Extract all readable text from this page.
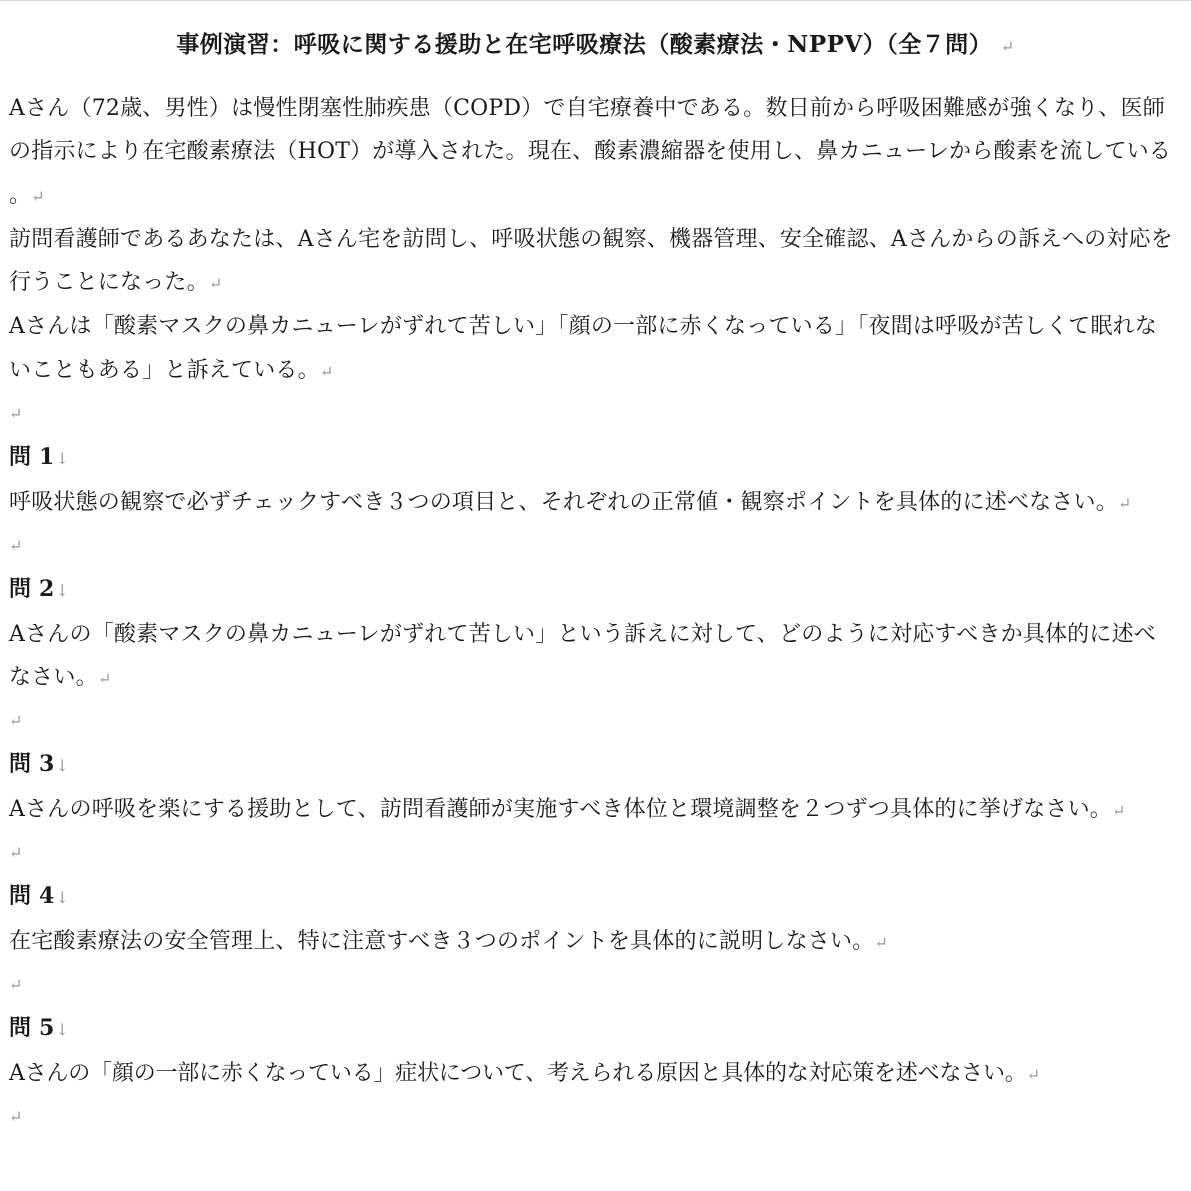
事例演習：呼吸に関する援助と在宅呼吸療法（酸素療法・NPPV）（全７問） ↵

Aさん（72歳、男性）は慢性閉塞性肺疾患（COPD）で自宅療養中である。数日前から呼吸困難感が強くなり、医師の指示により在宅酸素療法（HOT）が導入された。現在、酸素濃縮器を使用し、鼻カニューレから酸素を流している。↵

訪問看護師であるあなたは、Aさん宅を訪問し、呼吸状態の観察、機器管理、安全確認、Aさんからの訴えへの対応を行うことになった。↵

Aさんは「酸素マスクの鼻カニューレがずれて苦しい」「顔の一部に赤くなっている」「夜間は呼吸が苦しくて眠れないこともある」と訴えている。↵

↵
問 1↓

呼吸状態の観察で必ずチェックすべき３つの項目と、それぞれの正常値・観察ポイントを具体的に述べなさい。↵

↵
問 2↓

Aさんの「酸素マスクの鼻カニューレがずれて苦しい」という訴えに対して、どのように対応すべきか具体的に述べなさい。↵

↵
問 3↓

Aさんの呼吸を楽にする援助として、訪問看護師が実施すべき体位と環境調整を２つずつ具体的に挙げなさい。↵

↵
問 4↓

在宅酸素療法の安全管理上、特に注意すべき３つのポイントを具体的に説明しなさい。↵

↵
問 5↓

Aさんの「顔の一部に赤くなっている」症状について、考えられる原因と具体的な対応策を述べなさい。↵

↵
